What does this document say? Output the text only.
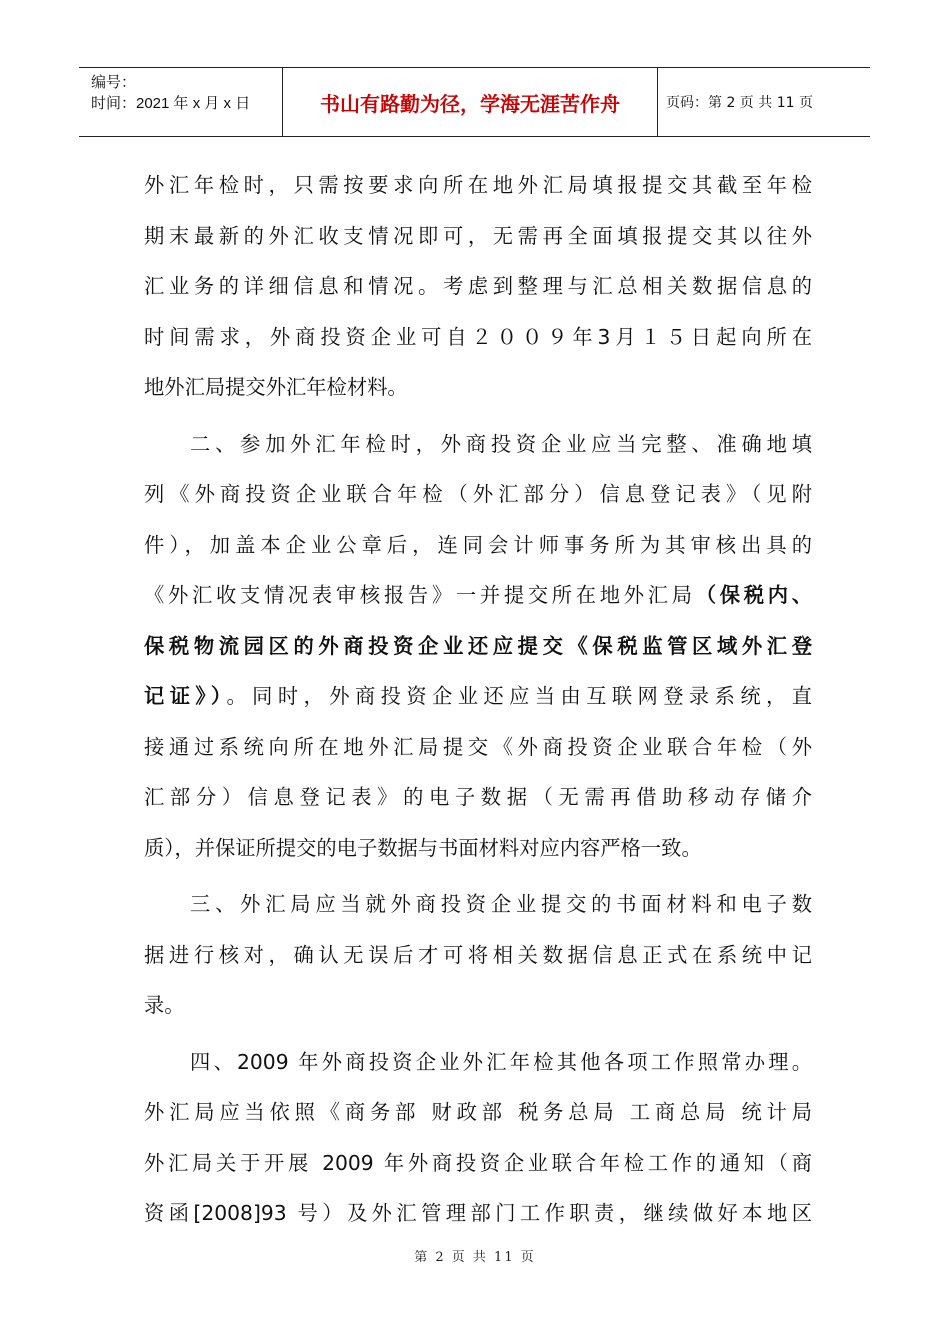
编号：
时间：2021 年 x 月 x 日	书山有路勤为径，学海无涯苦作舟	页码：第 2 页 共 11 页
外汇年检时，只需按要求向所在地外汇局填报提交其截至年检
期末最新的外汇收支情况即可，无需再全面填报提交其以往外
汇业务的详细信息和情况。考虑到整理与汇总相关数据信息的
时间需求，外商投资企业可自２００９年3月１５日起向所在
地外汇局提交外汇年检材料。
二、参加外汇年检时，外商投资企业应当完整、准确地填
列《外商投资企业联合年检（外汇部分）信息登记表》（见附
件），加盖本企业公章后，连同会计师事务所为其审核出具的
《外汇收支情况表审核报告》一并提交所在地外汇局（保税内、
保税物流园区的外商投资企业还应提交《保税监管区域外汇登
记证》）。同时，外商投资企业还应当由互联网登录系统，直
接通过系统向所在地外汇局提交《外商投资企业联合年检（外
汇部分）信息登记表》的电子数据（无需再借助移动存储介
质），并保证所提交的电子数据与书面材料对应内容严格一致。
三、外汇局应当就外商投资企业提交的书面材料和电子数
据进行核对，确认无误后才可将相关数据信息正式在系统中记
录。
四、2009 年外商投资企业外汇年检其他各项工作照常办理。
外汇局应当依照《商务部 财政部 税务总局 工商总局 统计局
外汇局关于开展 2009 年外商投资企业联合年检工作的通知（商
资函[2008]93 号）及外汇管理部门工作职责，继续做好本地区
第 2 页 共 11 页
